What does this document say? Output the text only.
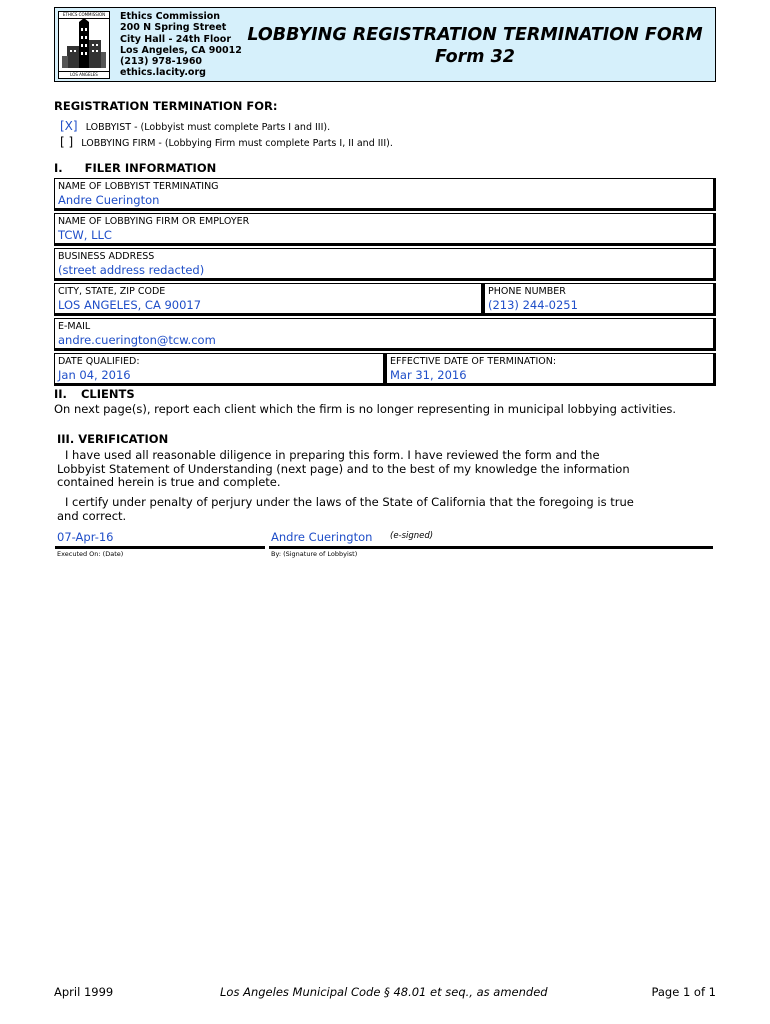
ETHICS COMMISSION
LOS ANGELES
Ethics Commission
200 N Spring Street
City Hall - 24th Floor
Los Angeles, CA 90012
(213) 978-1960
ethics.lacity.org
LOBBYING REGISTRATION TERMINATION FORM
Form 32
REGISTRATION TERMINATION FOR:
[X] LOBBYIST - (Lobbyist must complete Parts I and III).
[ ] LOBBYING FIRM - (Lobbying Firm must complete Parts I, II and III).
I. FILER INFORMATION
NAME OF LOBBYIST TERMINATING
Andre Cuerington
NAME OF LOBBYING FIRM OR EMPLOYER
TCW, LLC
BUSINESS ADDRESS
(street address redacted)
CITY, STATE, ZIP CODE
LOS ANGELES, CA 90017
PHONE NUMBER
(213) 244-0251
E-MAIL
andre.cuerington@tcw.com
DATE QUALIFIED:
Jan 04, 2016
EFFECTIVE DATE OF TERMINATION:
Mar 31, 2016
II. CLIENTS
On next page(s), report each client which the firm is no longer representing in municipal lobbying activities.
III. VERIFICATION
I have used all reasonable diligence in preparing this form. I have reviewed the form and the
Lobbyist Statement of Understanding (next page) and to the best of my knowledge the information
contained herein is true and complete.
I certify under penalty of perjury under the laws of the State of California that the foregoing is true
and correct.
07-Apr-16	Andre Cuerington (e-signed)
Executed On: (Date)	By: (Signature of Lobbyist)
April 1999	Los Angeles Municipal Code § 48.01 et seq., as amended	Page 1 of 1
